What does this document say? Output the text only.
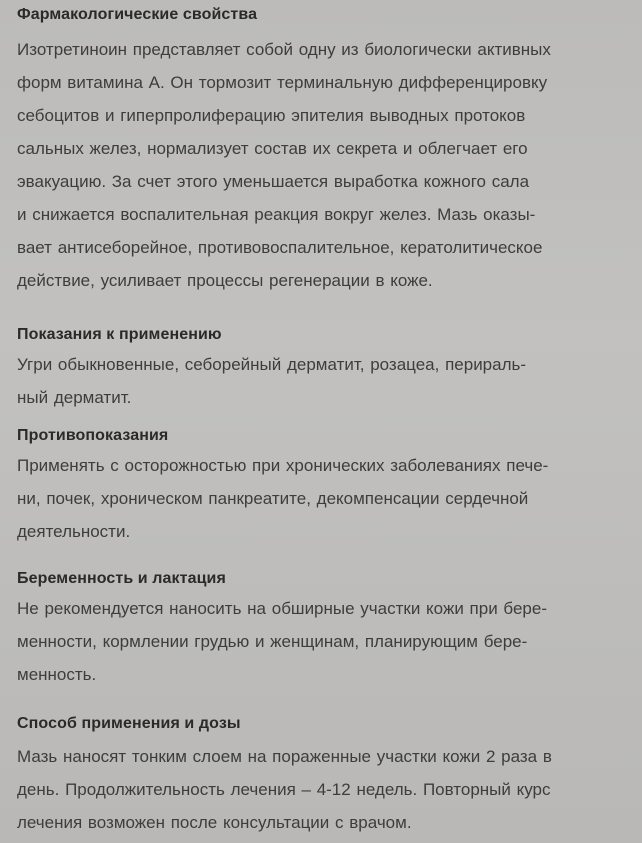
Фармакологические свойства

Изотретиноин представляет собой одну из биологически активных
форм витамина А. Он тормозит терминальную дифференцировку
себоцитов и гиперпролиферацию эпителия выводных протоков
сальных желез, нормализует состав их секрета и облегчает его
эвакуацию. За счет этого уменьшается выработка кожного сала
и снижается воспалительная реакция вокруг желез. Мазь оказы-
вает антисеборейное, противовоспалительное, кератолитическое
действие, усиливает процессы регенерации в коже.

Показания к применению

Угри обыкновенные, себорейный дерматит, розацеа, перираль-
ный дерматит.

Противопоказания

Применять с осторожностью при хронических заболеваниях пече-
ни, почек, хроническом панкреатите, декомпенсации сердечной
деятельности.

Беременность и лактация

Не рекомендуется наносить на обширные участки кожи при бере-
менности, кормлении грудью и женщинам, планирующим бере-
менность.

Способ применения и дозы

Мазь наносят тонким слоем на пораженные участки кожи 2 раза в
день. Продолжительность лечения – 4-12 недель. Повторный курс
лечения возможен после консультации с врачом.
